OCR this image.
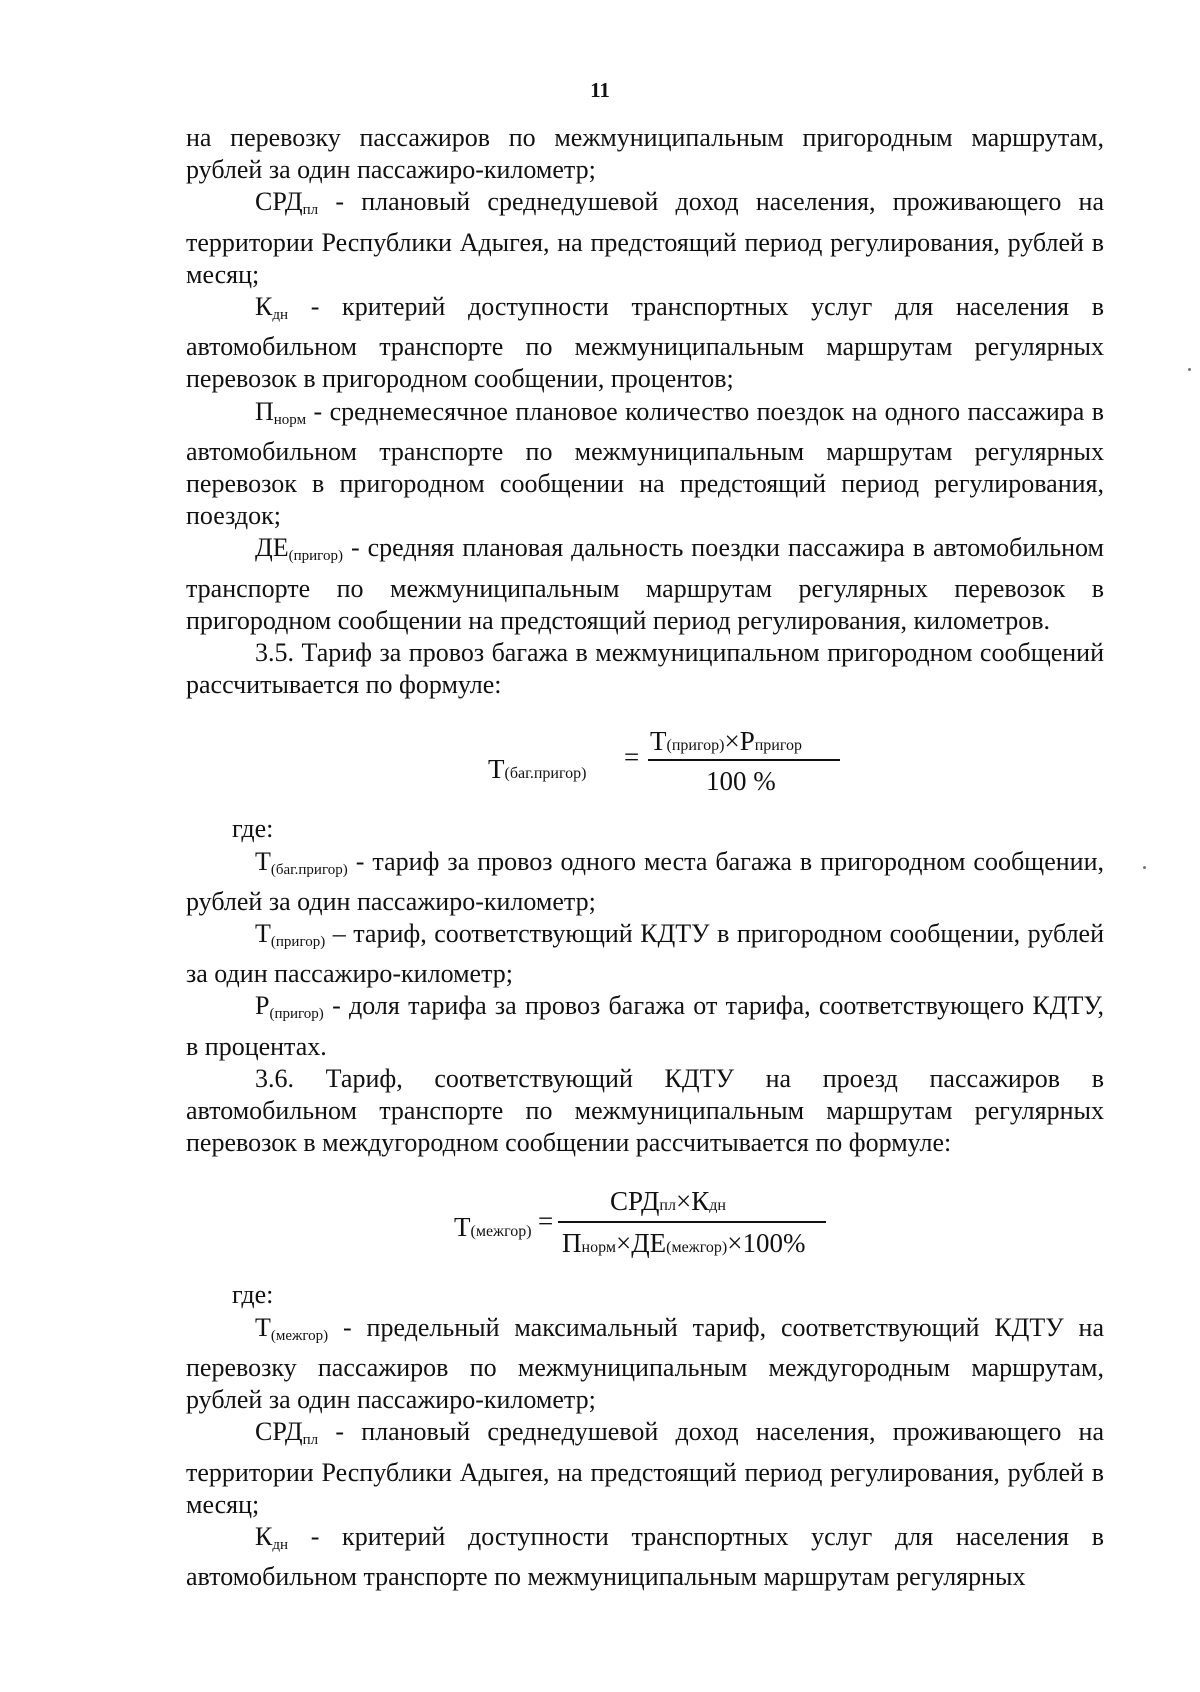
11

на перевозку пассажиров по межмуниципальным пригородным маршрутам, рублей за один пассажиро-километр;

$СРД_{пл}$ - плановый среднедушевой доход населения, проживающего на территории Республики Адыгея, на предстоящий период регулирования, рублей в месяц;

$К_{дн}$ - критерий доступности транспортных услуг для населения в автомобильном транспорте по межмуниципальным маршрутам регулярных перевозок в пригородном сообщении, процентов;

$П_{норм}$ - среднемесячное плановое количество поездок на одного пассажира в автомобильном транспорте по межмуниципальным маршрутам регулярных перевозок в пригородном сообщении на предстоящий период регулирования, поездок;

$ДЕ_{(пригор)}$ - средняя плановая дальность поездки пассажира в автомобильном транспорте по межмуниципальным маршрутам регулярных перевозок в пригородном сообщении на предстоящий период регулирования, километров.

3.5. Тариф за провоз багажа в межмуниципальном пригородном сообщений рассчитывается по формуле:

Т(баг.пригор)
=
Т(пригор)×Рпригор
100 %

где:

$Т_{(баг.пригор)}$ - тариф за провоз одного места багажа в пригородном сообщении, рублей за один пассажиро-километр;

$Т_{(пригор)}$ – тариф, соответствующий КДТУ в пригородном сообщении, рублей за один пассажиро-километр;

$Р_{(пригор)}$ - доля тарифа за провоз багажа от тарифа, соответствующего КДТУ, в процентах.

3.6. Тариф, соответствующий КДТУ на проезд пассажиров в автомобильном транспорте по межмуниципальным маршрутам регулярных перевозок в междугородном сообщении рассчитывается по формуле:

Т(межгор) =
СРДпл×Кдн
Пнорм×ДЕ(межгор)×100%

где:

$Т_{(межгор)}$ - предельный максимальный тариф, соответствующий КДТУ на перевозку пассажиров по межмуниципальным междугородным маршрутам, рублей за один пассажиро-километр;

$СРД_{пл}$ - плановый среднедушевой доход населения, проживающего на территории Республики Адыгея, на предстоящий период регулирования, рублей в месяц;

$К_{дн}$ - критерий доступности транспортных услуг для населения в автомобильном транспорте по межмуниципальным маршрутам регулярных
